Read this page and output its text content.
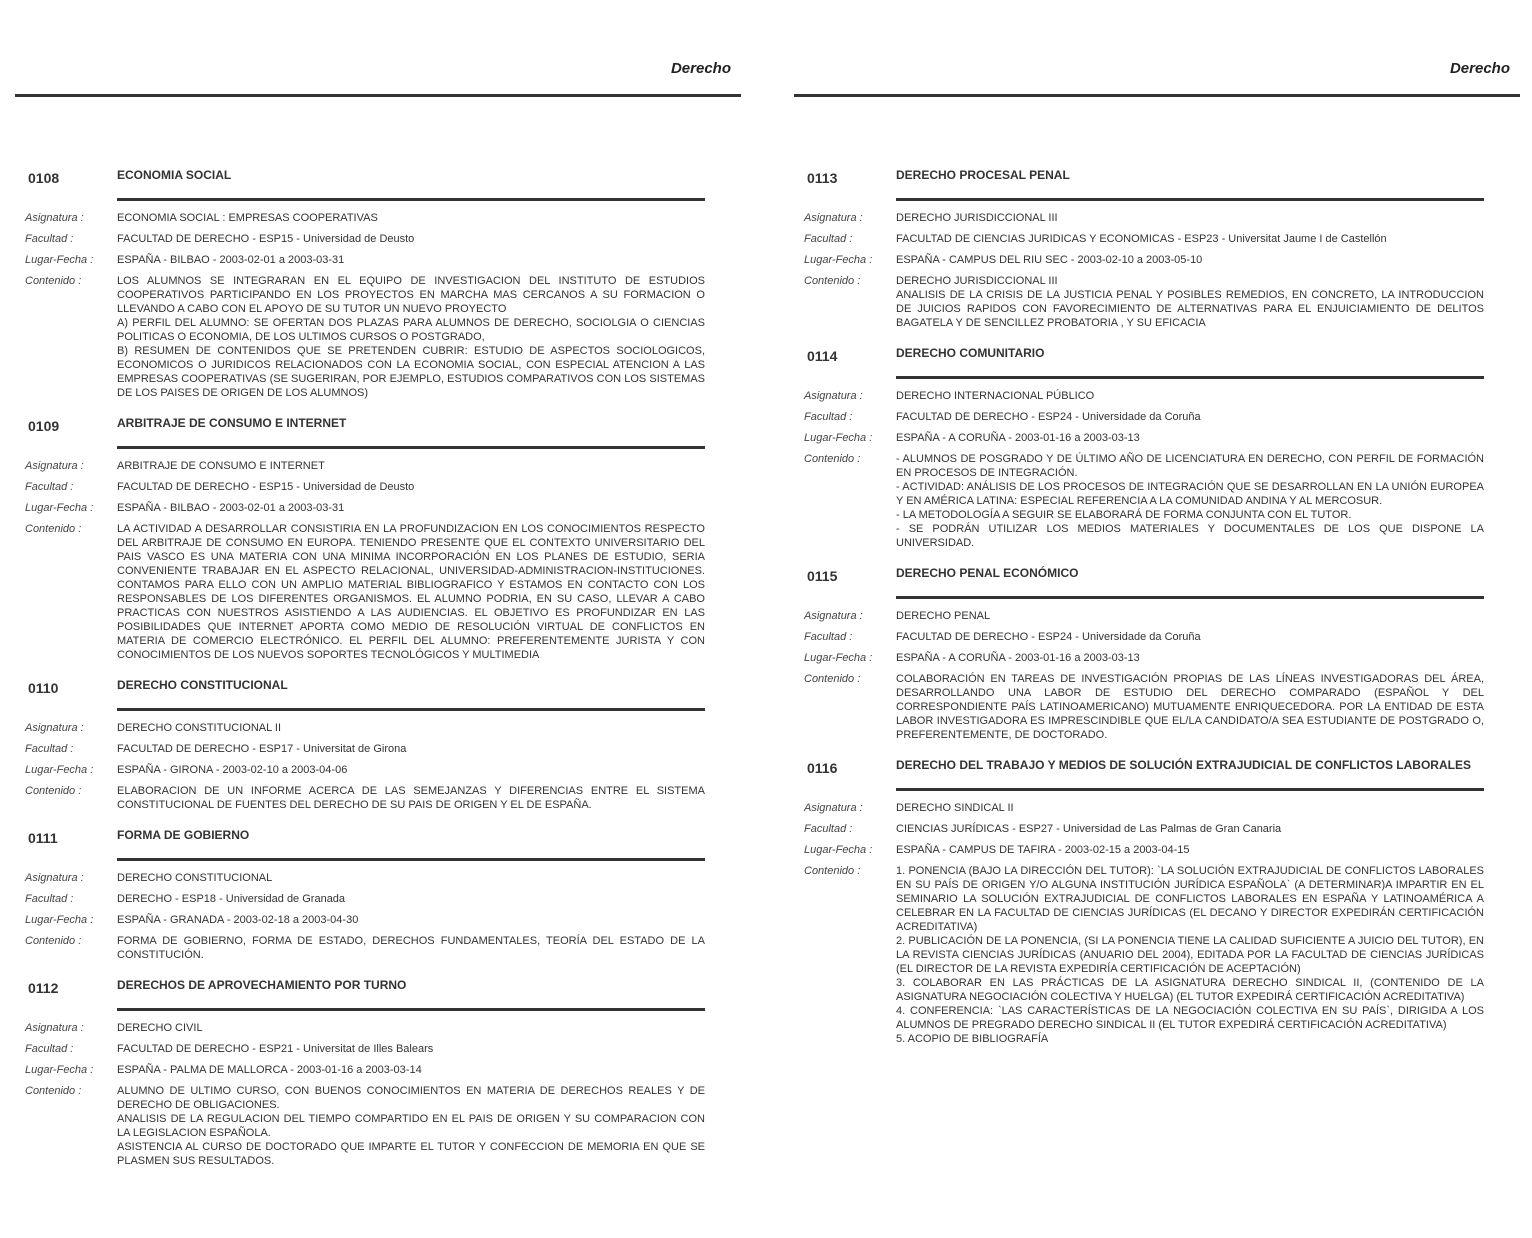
Derecho
0108	ECONOMIA SOCIAL
Asignatura :	ECONOMIA SOCIAL : EMPRESAS COOPERATIVAS
Facultad :	FACULTAD DE DERECHO - ESP15 - Universidad de Deusto
Lugar-Fecha :	ESPAÑA - BILBAO - 2003-02-01 a 2003-03-31
Contenido :	LOS ALUMNOS SE INTEGRARAN EN EL EQUIPO DE INVESTIGACION DEL INSTITUTO DE ESTUDIOS COOPERATIVOS PARTICIPANDO EN LOS PROYECTOS EN MARCHA MAS CERCANOS A SU FORMACION O LLEVANDO A CABO CON EL APOYO DE SU TUTOR UN NUEVO PROYECTO
A) PERFIL DEL ALUMNO: SE OFERTAN DOS PLAZAS PARA ALUMNOS DE DERECHO, SOCIOLGIA O CIENCIAS POLITICAS O ECONOMIA, DE LOS ULTIMOS CURSOS O POSTGRADO,
B) RESUMEN DE CONTENIDOS QUE SE PRETENDEN CUBRIR: ESTUDIO DE ASPECTOS SOCIOLOGICOS, ECONOMICOS O JURIDICOS RELACIONADOS CON LA ECONOMIA SOCIAL, CON ESPECIAL ATENCION A LAS EMPRESAS COOPERATIVAS (SE SUGERIRAN, POR EJEMPLO, ESTUDIOS COMPARATIVOS CON LOS SISTEMAS DE LOS PAISES DE ORIGEN DE LOS ALUMNOS)
0109	ARBITRAJE DE CONSUMO E INTERNET
Asignatura :	ARBITRAJE DE CONSUMO E INTERNET
Facultad :	FACULTAD DE DERECHO - ESP15 - Universidad de Deusto
Lugar-Fecha :	ESPAÑA - BILBAO - 2003-02-01 a 2003-03-31
Contenido :	LA ACTIVIDAD A DESARROLLAR CONSISTIRIA EN LA PROFUNDIZACION EN LOS CONOCIMIENTOS RESPECTO DEL ARBITRAJE DE CONSUMO EN EUROPA. TENIENDO PRESENTE QUE EL CONTEXTO UNIVERSITARIO DEL PAIS VASCO ES UNA MATERIA CON UNA MINIMA INCORPORACIÓN EN LOS PLANES DE ESTUDIO, SERIA CONVENIENTE TRABAJAR EN EL ASPECTO RELACIONAL, UNIVERSIDAD-ADMINISTRACION-INSTITUCIONES. CONTAMOS PARA ELLO CON UN AMPLIO MATERIAL BIBLIOGRAFICO Y ESTAMOS EN CONTACTO CON LOS RESPONSABLES DE LOS DIFERENTES ORGANISMOS. EL ALUMNO PODRIA, EN SU CASO, LLEVAR A CABO PRACTICAS CON NUESTROS ASISTIENDO A LAS AUDIENCIAS. EL OBJETIVO ES PROFUNDIZAR EN LAS POSIBILIDADES QUE INTERNET APORTA COMO MEDIO DE RESOLUCIÓN VIRTUAL DE CONFLICTOS EN MATERIA DE COMERCIO ELECTRÓNICO. EL PERFIL DEL ALUMNO: PREFERENTEMENTE JURISTA Y CON CONOCIMIENTOS DE LOS NUEVOS SOPORTES TECNOLÓGICOS Y MULTIMEDIA
0110	DERECHO CONSTITUCIONAL
Asignatura :	DERECHO CONSTITUCIONAL II
Facultad :	FACULTAD DE DERECHO - ESP17 - Universitat de Girona
Lugar-Fecha :	ESPAÑA - GIRONA - 2003-02-10 a 2003-04-06
Contenido :	ELABORACION DE UN INFORME ACERCA DE LAS SEMEJANZAS Y DIFERENCIAS ENTRE EL SISTEMA CONSTITUCIONAL DE FUENTES DEL DERECHO DE SU PAIS DE ORIGEN Y EL DE ESPAÑA.
0111	FORMA DE GOBIERNO
Asignatura :	DERECHO CONSTITUCIONAL
Facultad :	DERECHO - ESP18 - Universidad de Granada
Lugar-Fecha :	ESPAÑA - GRANADA - 2003-02-18 a 2003-04-30
Contenido :	FORMA DE GOBIERNO, FORMA DE ESTADO, DERECHOS FUNDAMENTALES, TEORÍA DEL ESTADO DE LA CONSTITUCIÓN.
0112	DERECHOS DE APROVECHAMIENTO POR TURNO
Asignatura :	DERECHO CIVIL
Facultad :	FACULTAD DE DERECHO - ESP21 - Universitat de Illes Balears
Lugar-Fecha :	ESPAÑA - PALMA DE MALLORCA - 2003-01-16 a 2003-03-14
Contenido :	ALUMNO DE ULTIMO CURSO, CON BUENOS CONOCIMIENTOS EN MATERIA DE DERECHOS REALES Y DE DERECHO DE OBLIGACIONES.
ANALISIS DE LA REGULACION DEL TIEMPO COMPARTIDO EN EL PAIS DE ORIGEN Y SU COMPARACION CON LA LEGISLACION ESPAÑOLA.
ASISTENCIA AL CURSO DE DOCTORADO QUE IMPARTE EL TUTOR Y CONFECCION DE MEMORIA EN QUE SE PLASMEN SUS RESULTADOS.
Derecho
0113	DERECHO PROCESAL PENAL
Asignatura :	DERECHO JURISDICCIONAL III
Facultad :	FACULTAD DE CIENCIAS JURIDICAS Y ECONOMICAS - ESP23 - Universitat Jaume I de Castellón
Lugar-Fecha :	ESPAÑA - CAMPUS DEL RIU SEC - 2003-02-10 a 2003-05-10
Contenido :	DERECHO JURISDICCIONAL III
ANALISIS DE LA CRISIS DE LA JUSTICIA PENAL Y POSIBLES REMEDIOS, EN CONCRETO, LA INTRODUCCION DE JUICIOS RAPIDOS CON FAVORECIMIENTO DE ALTERNATIVAS PARA EL ENJUICIAMIENTO DE DELITOS BAGATELA Y DE SENCILLEZ PROBATORIA , Y SU EFICACIA
0114	DERECHO COMUNITARIO
Asignatura :	DERECHO INTERNACIONAL PÚBLICO
Facultad :	FACULTAD DE DERECHO - ESP24 - Universidade da Coruña
Lugar-Fecha :	ESPAÑA - A CORUÑA - 2003-01-16 a 2003-03-13
Contenido :	- ALUMNOS DE POSGRADO Y DE ÚLTIMO AÑO DE LICENCIATURA EN DERECHO, CON PERFIL DE FORMACIÓN EN PROCESOS DE INTEGRACIÓN.
- ACTIVIDAD: ANÁLISIS DE LOS PROCESOS DE INTEGRACIÓN QUE SE DESARROLLAN EN LA UNIÓN EUROPEA Y EN AMÉRICA LATINA: ESPECIAL REFERENCIA A LA COMUNIDAD ANDINA Y AL MERCOSUR.
- LA METODOLOGÍA A SEGUIR SE ELABORARÁ DE FORMA CONJUNTA CON EL TUTOR.
- SE PODRÁN UTILIZAR LOS MEDIOS MATERIALES Y DOCUMENTALES DE LOS QUE DISPONE LA UNIVERSIDAD.
0115	DERECHO PENAL ECONÓMICO
Asignatura :	DERECHO PENAL
Facultad :	FACULTAD DE DERECHO - ESP24 - Universidade da Coruña
Lugar-Fecha :	ESPAÑA - A CORUÑA - 2003-01-16 a 2003-03-13
Contenido :	COLABORACIÓN EN TAREAS DE INVESTIGACIÓN PROPIAS DE LAS LÍNEAS INVESTIGADORAS DEL ÁREA, DESARROLLANDO UNA LABOR DE ESTUDIO DEL DERECHO COMPARADO (ESPAÑOL Y DEL CORRESPONDIENTE PAÍS LATINOAMERICANO) MUTUAMENTE ENRIQUECEDORA. POR LA ENTIDAD DE ESTA LABOR INVESTIGADORA ES IMPRESCINDIBLE QUE EL/LA CANDIDATO/A SEA ESTUDIANTE DE POSTGRADO O, PREFERENTEMENTE, DE DOCTORADO.
0116	DERECHO DEL TRABAJO Y MEDIOS DE SOLUCIÓN EXTRAJUDICIAL DE CONFLICTOS LABORALES
Asignatura :	DERECHO SINDICAL II
Facultad :	CIENCIAS JURÍDICAS - ESP27 - Universidad de Las Palmas de Gran Canaria
Lugar-Fecha :	ESPAÑA - CAMPUS DE TAFIRA - 2003-02-15 a 2003-04-15
Contenido :	1. PONENCIA (BAJO LA DIRECCIÓN DEL TUTOR): `LA SOLUCIÓN EXTRAJUDICIAL DE CONFLICTOS LABORALES EN SU PAÍS DE ORIGEN Y/O ALGUNA INSTITUCIÓN JURÍDICA ESPAÑOLA` (A DETERMINAR)A IMPARTIR EN EL SEMINARIO LA SOLUCIÓN EXTRAJUDICIAL DE CONFLICTOS LABORALES EN ESPAÑA Y LATINOAMÉRICA A CELEBRAR EN LA FACULTAD DE CIENCIAS JURÍDICAS (EL DECANO Y DIRECTOR EXPEDIRÁN CERTIFICACIÓN ACREDITATIVA)
2. PUBLICACIÓN DE LA PONENCIA, (SI LA PONENCIA TIENE LA CALIDAD SUFICIENTE A JUICIO DEL TUTOR), EN LA REVISTA CIENCIAS JURÍDICAS (ANUARIO DEL 2004), EDITADA POR LA FACULTAD DE CIENCIAS JURÍDICAS (EL DIRECTOR DE LA REVISTA EXPEDIRÍA CERTIFICACIÓN DE ACEPTACIÓN)
3. COLABORAR EN LAS PRÁCTICAS DE LA ASIGNATURA DERECHO SINDICAL II, (CONTENIDO DE LA ASIGNATURA NEGOCIACIÓN COLECTIVA Y HUELGA) (EL TUTOR EXPEDIRÁ CERTIFICACIÓN ACREDITATIVA)
4. CONFERENCIA: `LAS CARACTERÍSTICAS DE LA NEGOCIACIÓN COLECTIVA EN SU PAÍS`, DIRIGIDA A LOS ALUMNOS DE PREGRADO DERECHO SINDICAL II (EL TUTOR EXPEDIRÁ CERTIFICACIÓN ACREDITATIVA)
5. ACOPIO DE BIBLIOGRAFÍA
